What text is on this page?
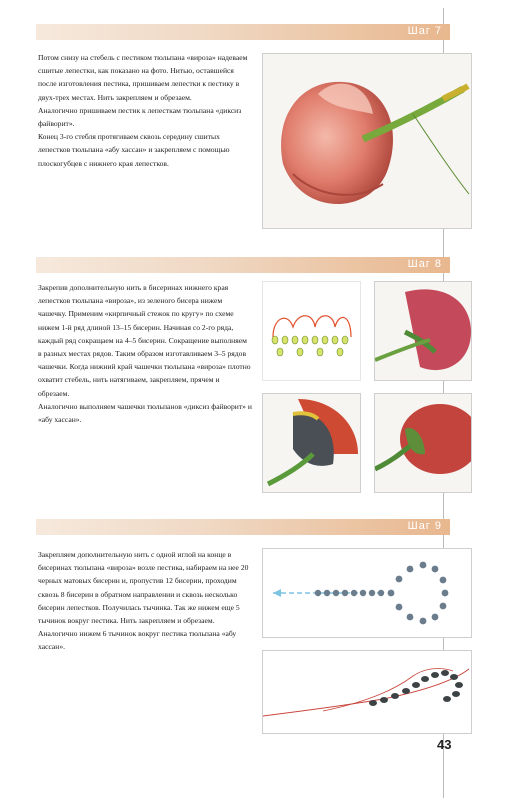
Шаг 7

Потом снизу на стебель с пестиком тюльпана «вироза» надеваем сшитые лепестки, как показано на фото. Нитью, оставшейся после изготовления пестика, пришиваем лепестки к пестику в двух-трех местах. Нить закрепляем и обрезаем.

Аналогично пришиваем пестик к лепесткам тюльпана «диксиз файворит».

Конец 3-го стебля протягиваем сквозь середину сшитых лепестков тюльпана «абу хассан» и закрепляем с помощью плоскогубцев с нижнего края лепестков.

Шаг 8

Закрепив дополнительную нить в бисеринах нижнего края лепестков тюльпана «вироза», из зеленого бисера нижем чашечку. Применим «кирпичный стежок по кругу» по схеме нижем 1-й ряд длиной 13–15 бисерин. Начиная со 2-го ряда, каждый ряд сокращаем на 4–5 бисерин. Сокращение выполняем в разных местах рядов. Таким образом изготавливаем 3–5 рядов чашечки. Когда нижний край чашечки тюльпана «вироза» плотно охватит стебель, нить натягиваем, закрепляем, прячем и обрезаем.

Аналогично выполняем чашечки тюльпанов «диксиз файворит» и «абу хассан».

Шаг 9

Закрепляем дополнительную нить с одной иглой на конце в бисеринах тюльпана «вироза» возле пестика, набираем на нее 20 черных матовых бисерин и, пропустив 12 бисерин, проходим сквозь 8 бисерин в обратном направлении и сквозь несколько бисерин лепестков. Получилась тычинка. Так же нижем еще 5 тычинок вокруг пестика. Нить закрепляем и обрезаем.

Аналогично нижем 6 тычинок вокруг пестика тюльпана «абу хассан».

43
